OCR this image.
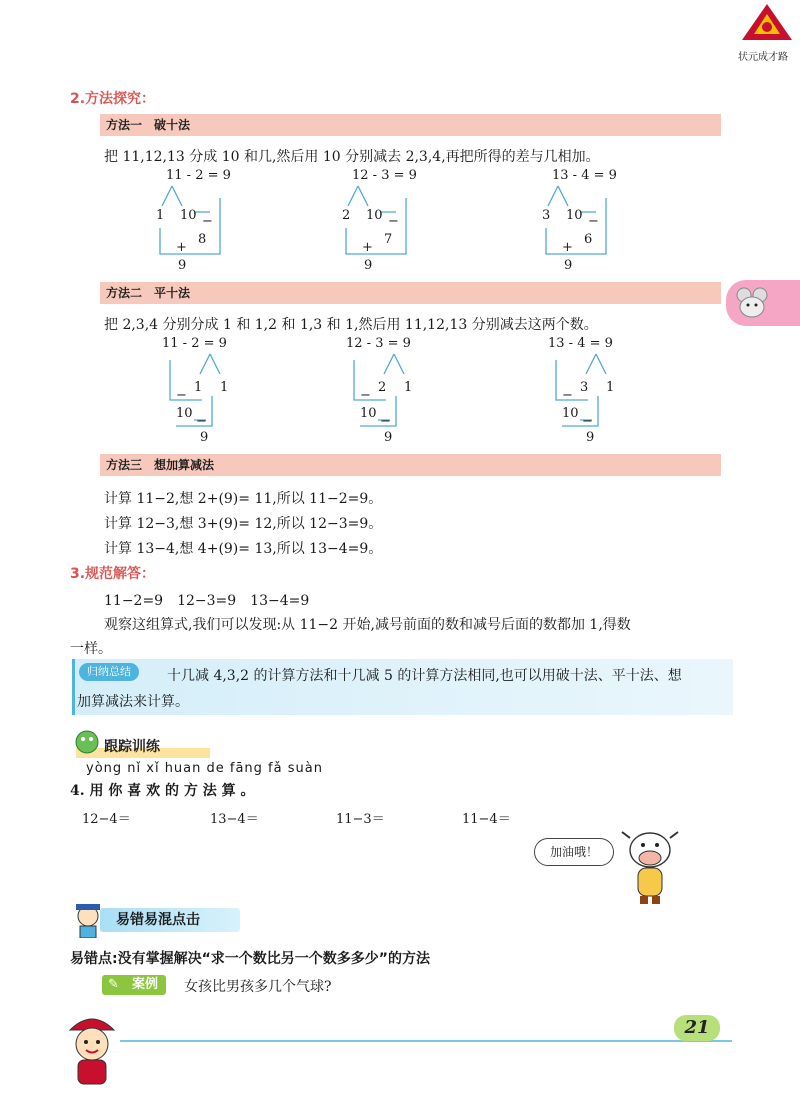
状元成才路
2.方法探究：
方法一　破十法
把 11,12,13 分成 10 和几,然后用 10 分别减去 2,3,4,再把所得的差与几相加。
11 - 2 = 9
1 10 −
8
+
9
12 - 3 = 9
2 10 −
7
+
9
13 - 4 = 9
3 10 −
6
+
9
方法二　平十法
把 2,3,4 分别分成 1 和 1,2 和 1,3 和 1,然后用 11,12,13 分别减去这两个数。
11 - 2 = 9
1 1
−
10
−
9
12 - 3 = 9
2 1
−
10
−
9
13 - 4 = 9
3 1
−
10
−
9
方法三　想加算减法
计算 11−2,想 2+(9)= 11,所以 11−2=9。
计算 12−3,想 3+(9)= 12,所以 12−3=9。
计算 13−4,想 4+(9)= 13,所以 13−4=9。
3.规范解答：
11−2=9　12−3=9　13−4=9
观察这组算式,我们可以发现:从 11−2 开始,减号前面的数和减号后面的数都加 1,得数
一样。
归纳总结	十几减 4,3,2 的计算方法和十几减 5 的计算方法相同,也可以用破十法、平十法、想
加算减法来计算。
跟踪训练
yòng nǐ xǐ huan de fāng fǎ suàn
4. 用 你 喜 欢 的 方 法 算 。
12−4＝	13−4＝	11−3＝	11−4＝
加油哦！
易错易混点击
易错点:没有掌握解决“求一个数比另一个数多多少”的方法
✎ 案例	女孩比男孩多几个气球?
21
